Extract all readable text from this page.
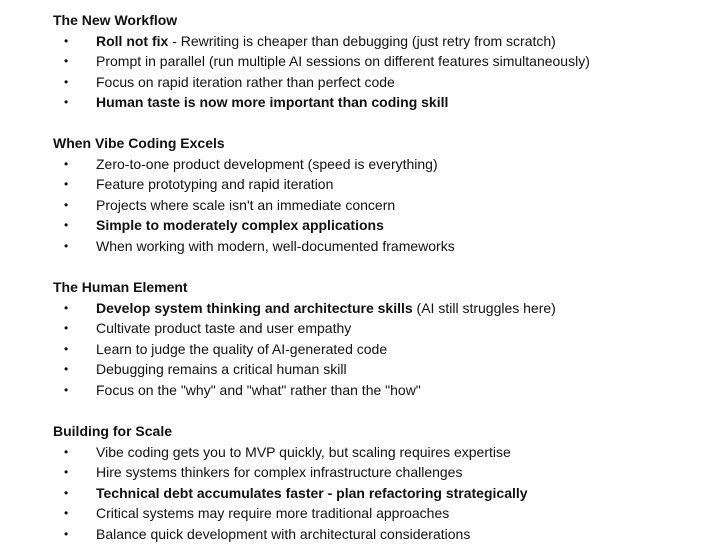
The New Workflow
• Roll not fix - Rewriting is cheaper than debugging (just retry from scratch)
• Prompt in parallel (run multiple AI sessions on different features simultaneously)
• Focus on rapid iteration rather than perfect code
• Human taste is now more important than coding skill
When Vibe Coding Excels
• Zero-to-one product development (speed is everything)
• Feature prototyping and rapid iteration
• Projects where scale isn't an immediate concern
• Simple to moderately complex applications
• When working with modern, well-documented frameworks
The Human Element
• Develop system thinking and architecture skills (AI still struggles here)
• Cultivate product taste and user empathy
• Learn to judge the quality of AI-generated code
• Debugging remains a critical human skill
• Focus on the "why" and "what" rather than the "how"
Building for Scale
• Vibe coding gets you to MVP quickly, but scaling requires expertise
• Hire systems thinkers for complex infrastructure challenges
• Technical debt accumulates faster - plan refactoring strategically
• Critical systems may require more traditional approaches
• Balance quick development with architectural considerations
